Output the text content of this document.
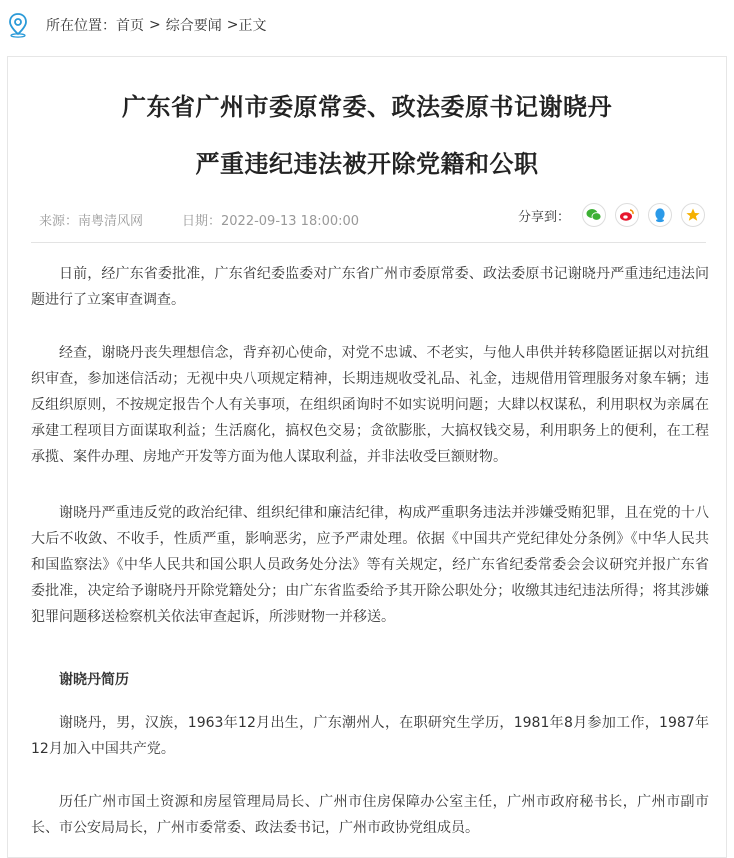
所在位置： 首页 > 综合要闻 > 正文
广东省广州市委原常委、政法委原书记谢晓丹
严重违纪违法被开除党籍和公职
来源：南粤清风网	日期：2022-09-13 18:00:00	分享到：

日前，经广东省委批准，广东省纪委监委对广东省广州市委原常委、政法委原书记谢晓丹严重违纪违法问题进行了立案审查调查。

经查，谢晓丹丧失理想信念，背弃初心使命，对党不忠诚、不老实，与他人串供并转移隐匿证据以对抗组织审查，参加迷信活动；无视中央八项规定精神，长期违规收受礼品、礼金，违规借用管理服务对象车辆；违反组织原则，不按规定报告个人有关事项，在组织函询时不如实说明问题；大肆以权谋私，利用职权为亲属在承建工程项目方面谋取利益；生活腐化，搞权色交易；贪欲膨胀，大搞权钱交易，利用职务上的便利，在工程承揽、案件办理、房地产开发等方面为他人谋取利益，并非法收受巨额财物。

谢晓丹严重违反党的政治纪律、组织纪律和廉洁纪律，构成严重职务违法并涉嫌受贿犯罪，且在党的十八大后不收敛、不收手，性质严重，影响恶劣，应予严肃处理。依据《中国共产党纪律处分条例》《中华人民共和国监察法》《中华人民共和国公职人员政务处分法》等有关规定，经广东省纪委常委会会议研究并报广东省委批准，决定给予谢晓丹开除党籍处分；由广东省监委给予其开除公职处分；收缴其违纪违法所得；将其涉嫌犯罪问题移送检察机关依法审查起诉，所涉财物一并移送。

谢晓丹简历

谢晓丹，男，汉族，1963年12月出生，广东潮州人，在职研究生学历，1981年8月参加工作，1987年12月加入中国共产党。

历任广州市国土资源和房屋管理局局长、广州市住房保障办公室主任，广州市政府秘书长，广州市副市长、市公安局局长，广州市委常委、政法委书记，广州市政协党组成员。
